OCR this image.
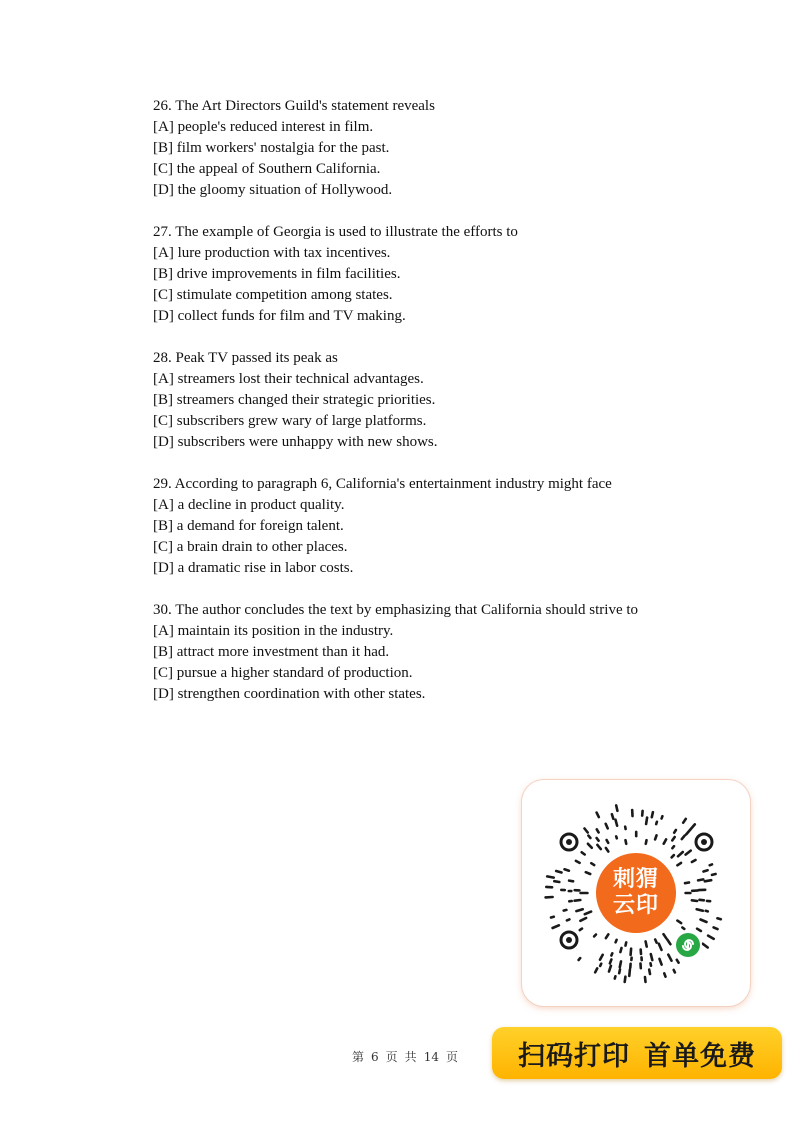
26. The Art Directors Guild's statement reveals
[A] people's reduced interest in film.
[B] film workers' nostalgia for the past.
[C] the appeal of Southern California.
[D] the gloomy situation of Hollywood.
27. The example of Georgia is used to illustrate the efforts to
[A] lure production with tax incentives.
[B] drive improvements in film facilities.
[C] stimulate competition among states.
[D] collect funds for film and TV making.
28. Peak TV passed its peak as
[A] streamers lost their technical advantages.
[B] streamers changed their strategic priorities.
[C] subscribers grew wary of large platforms.
[D] subscribers were unhappy with new shows.
29. According to paragraph 6, California's entertainment industry might face
[A] a decline in product quality.
[B] a demand for foreign talent.
[C] a brain drain to other places.
[D] a dramatic rise in labor costs.
30. The author concludes the text by emphasizing that California should strive to
[A] maintain its position in the industry.
[B] attract more investment than it had.
[C] pursue a higher standard of production.
[D] strengthen coordination with other states.
刺猬
云印
第 6 页 共 14 页 扫码打印 首单免费
